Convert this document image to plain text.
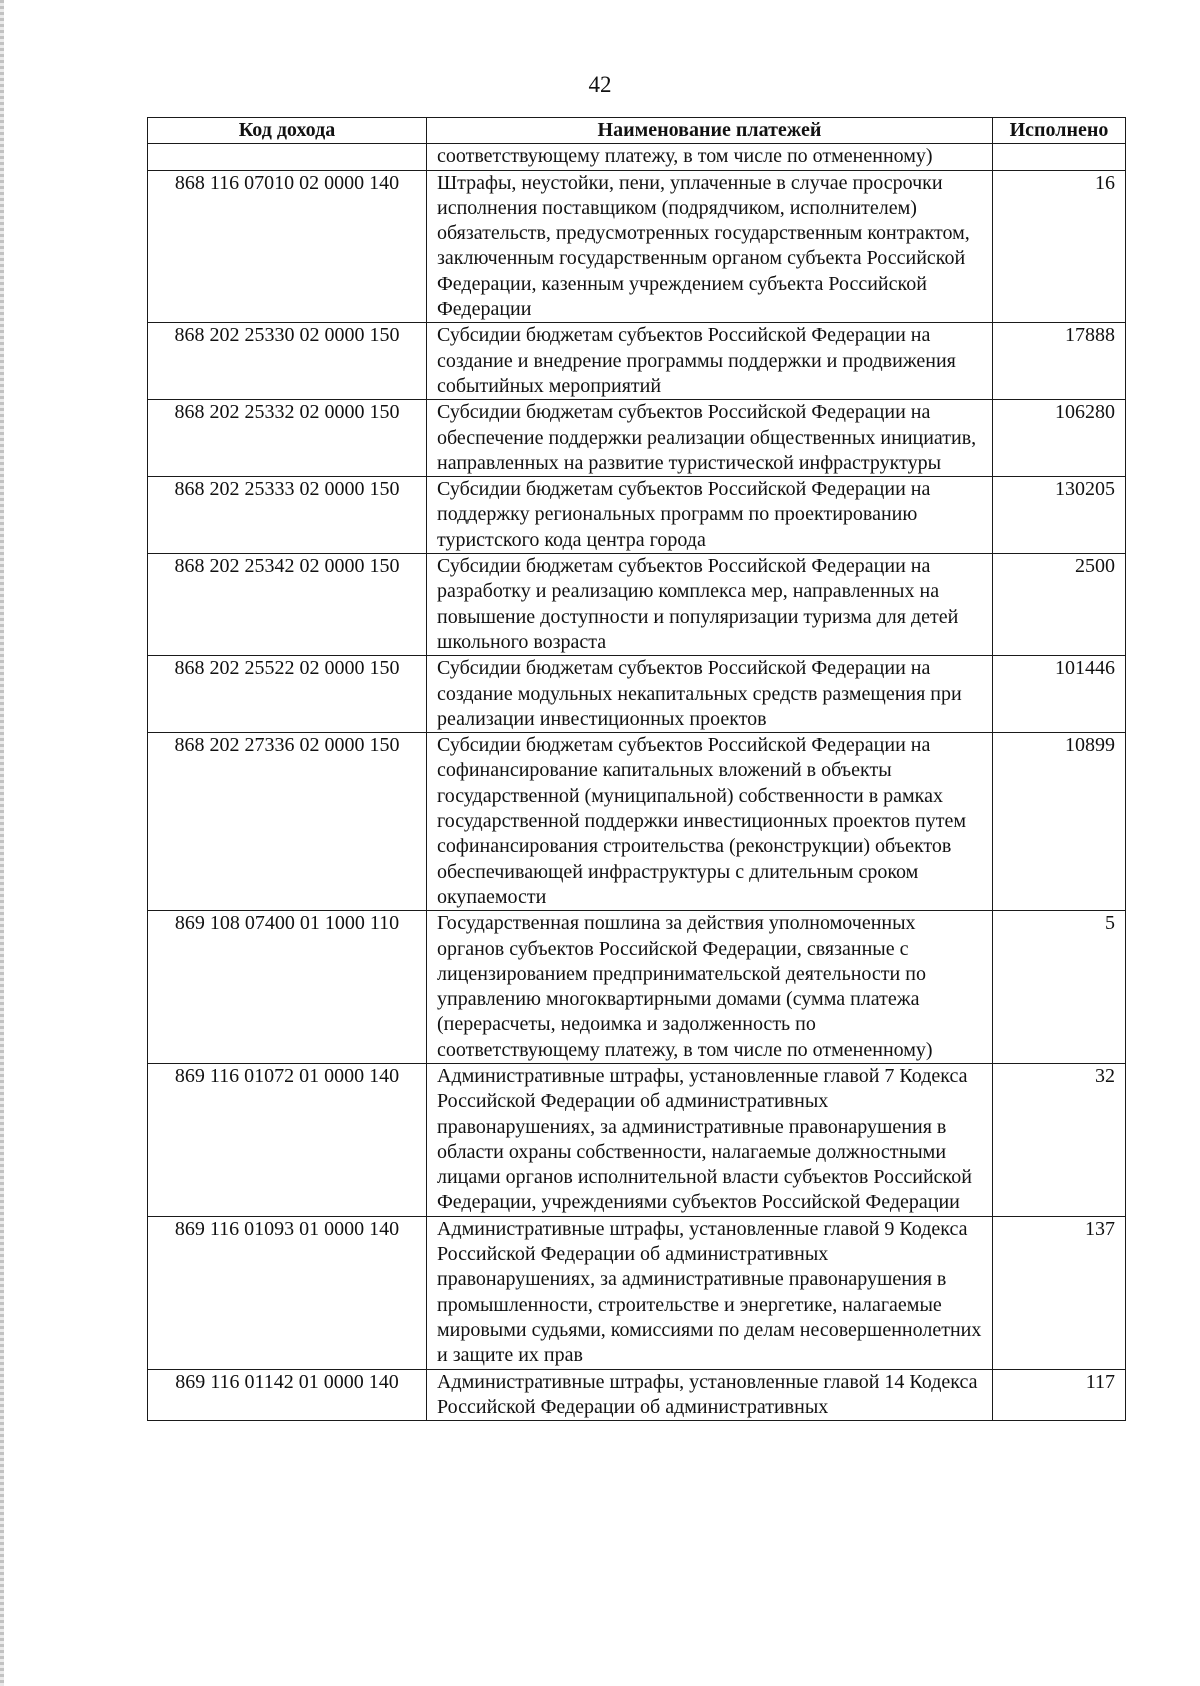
42
Код дохода	Наименование платежей	Исполнено
	соответствующему платежу, в том числе по отмененному)	
868 116 07010 02 0000 140	Штрафы, неустойки, пени, уплаченные в случае просрочки исполнения поставщиком (подрядчиком, исполнителем) обязательств, предусмотренных государственным контрактом, заключенным государственным органом субъекта Российской Федерации, казенным учреждением субъекта Российской Федерации	16
868 202 25330 02 0000 150	Субсидии бюджетам субъектов Российской Федерации на создание и внедрение программы поддержки и продвижения событийных мероприятий	17888
868 202 25332 02 0000 150	Субсидии бюджетам субъектов Российской Федерации на обеспечение поддержки реализации общественных инициатив, направленных на развитие туристической инфраструктуры	106280
868 202 25333 02 0000 150	Субсидии бюджетам субъектов Российской Федерации на поддержку региональных программ по проектированию туристского кода центра города	130205
868 202 25342 02 0000 150	Субсидии бюджетам субъектов Российской Федерации на разработку и реализацию комплекса мер, направленных на повышение доступности и популяризации туризма для детей школьного возраста	2500
868 202 25522 02 0000 150	Субсидии бюджетам субъектов Российской Федерации на создание модульных некапитальных средств размещения при реализации инвестиционных проектов	101446
868 202 27336 02 0000 150	Субсидии бюджетам субъектов Российской Федерации на софинансирование капитальных вложений в объекты государственной (муниципальной) собственности в рамках государственной поддержки инвестиционных проектов путем софинансирования строительства (реконструкции) объектов обеспечивающей инфраструктуры с длительным сроком окупаемости	10899
869 108 07400 01 1000 110	Государственная пошлина за действия уполномоченных органов субъектов Российской Федерации, связанные с лицензированием предпринимательской деятельности по управлению многоквартирными домами (сумма платежа (перерасчеты, недоимка и задолженность по соответствующему платежу, в том числе по отмененному)	5
869 116 01072 01 0000 140	Административные штрафы, установленные главой 7 Кодекса Российской Федерации об административных правонарушениях, за административные правонарушения в области охраны собственности, налагаемые должностными лицами органов исполнительной власти субъектов Российской Федерации, учреждениями субъектов Российской Федерации	32
869 116 01093 01 0000 140	Административные штрафы, установленные главой 9 Кодекса Российской Федерации об административных правонарушениях, за административные правонарушения в промышленности, строительстве и энергетике, налагаемые мировыми судьями, комиссиями по делам несовершеннолетних и защите их прав	137
869 116 01142 01 0000 140	Административные штрафы, установленные главой 14 Кодекса Российской Федерации об административных	117
